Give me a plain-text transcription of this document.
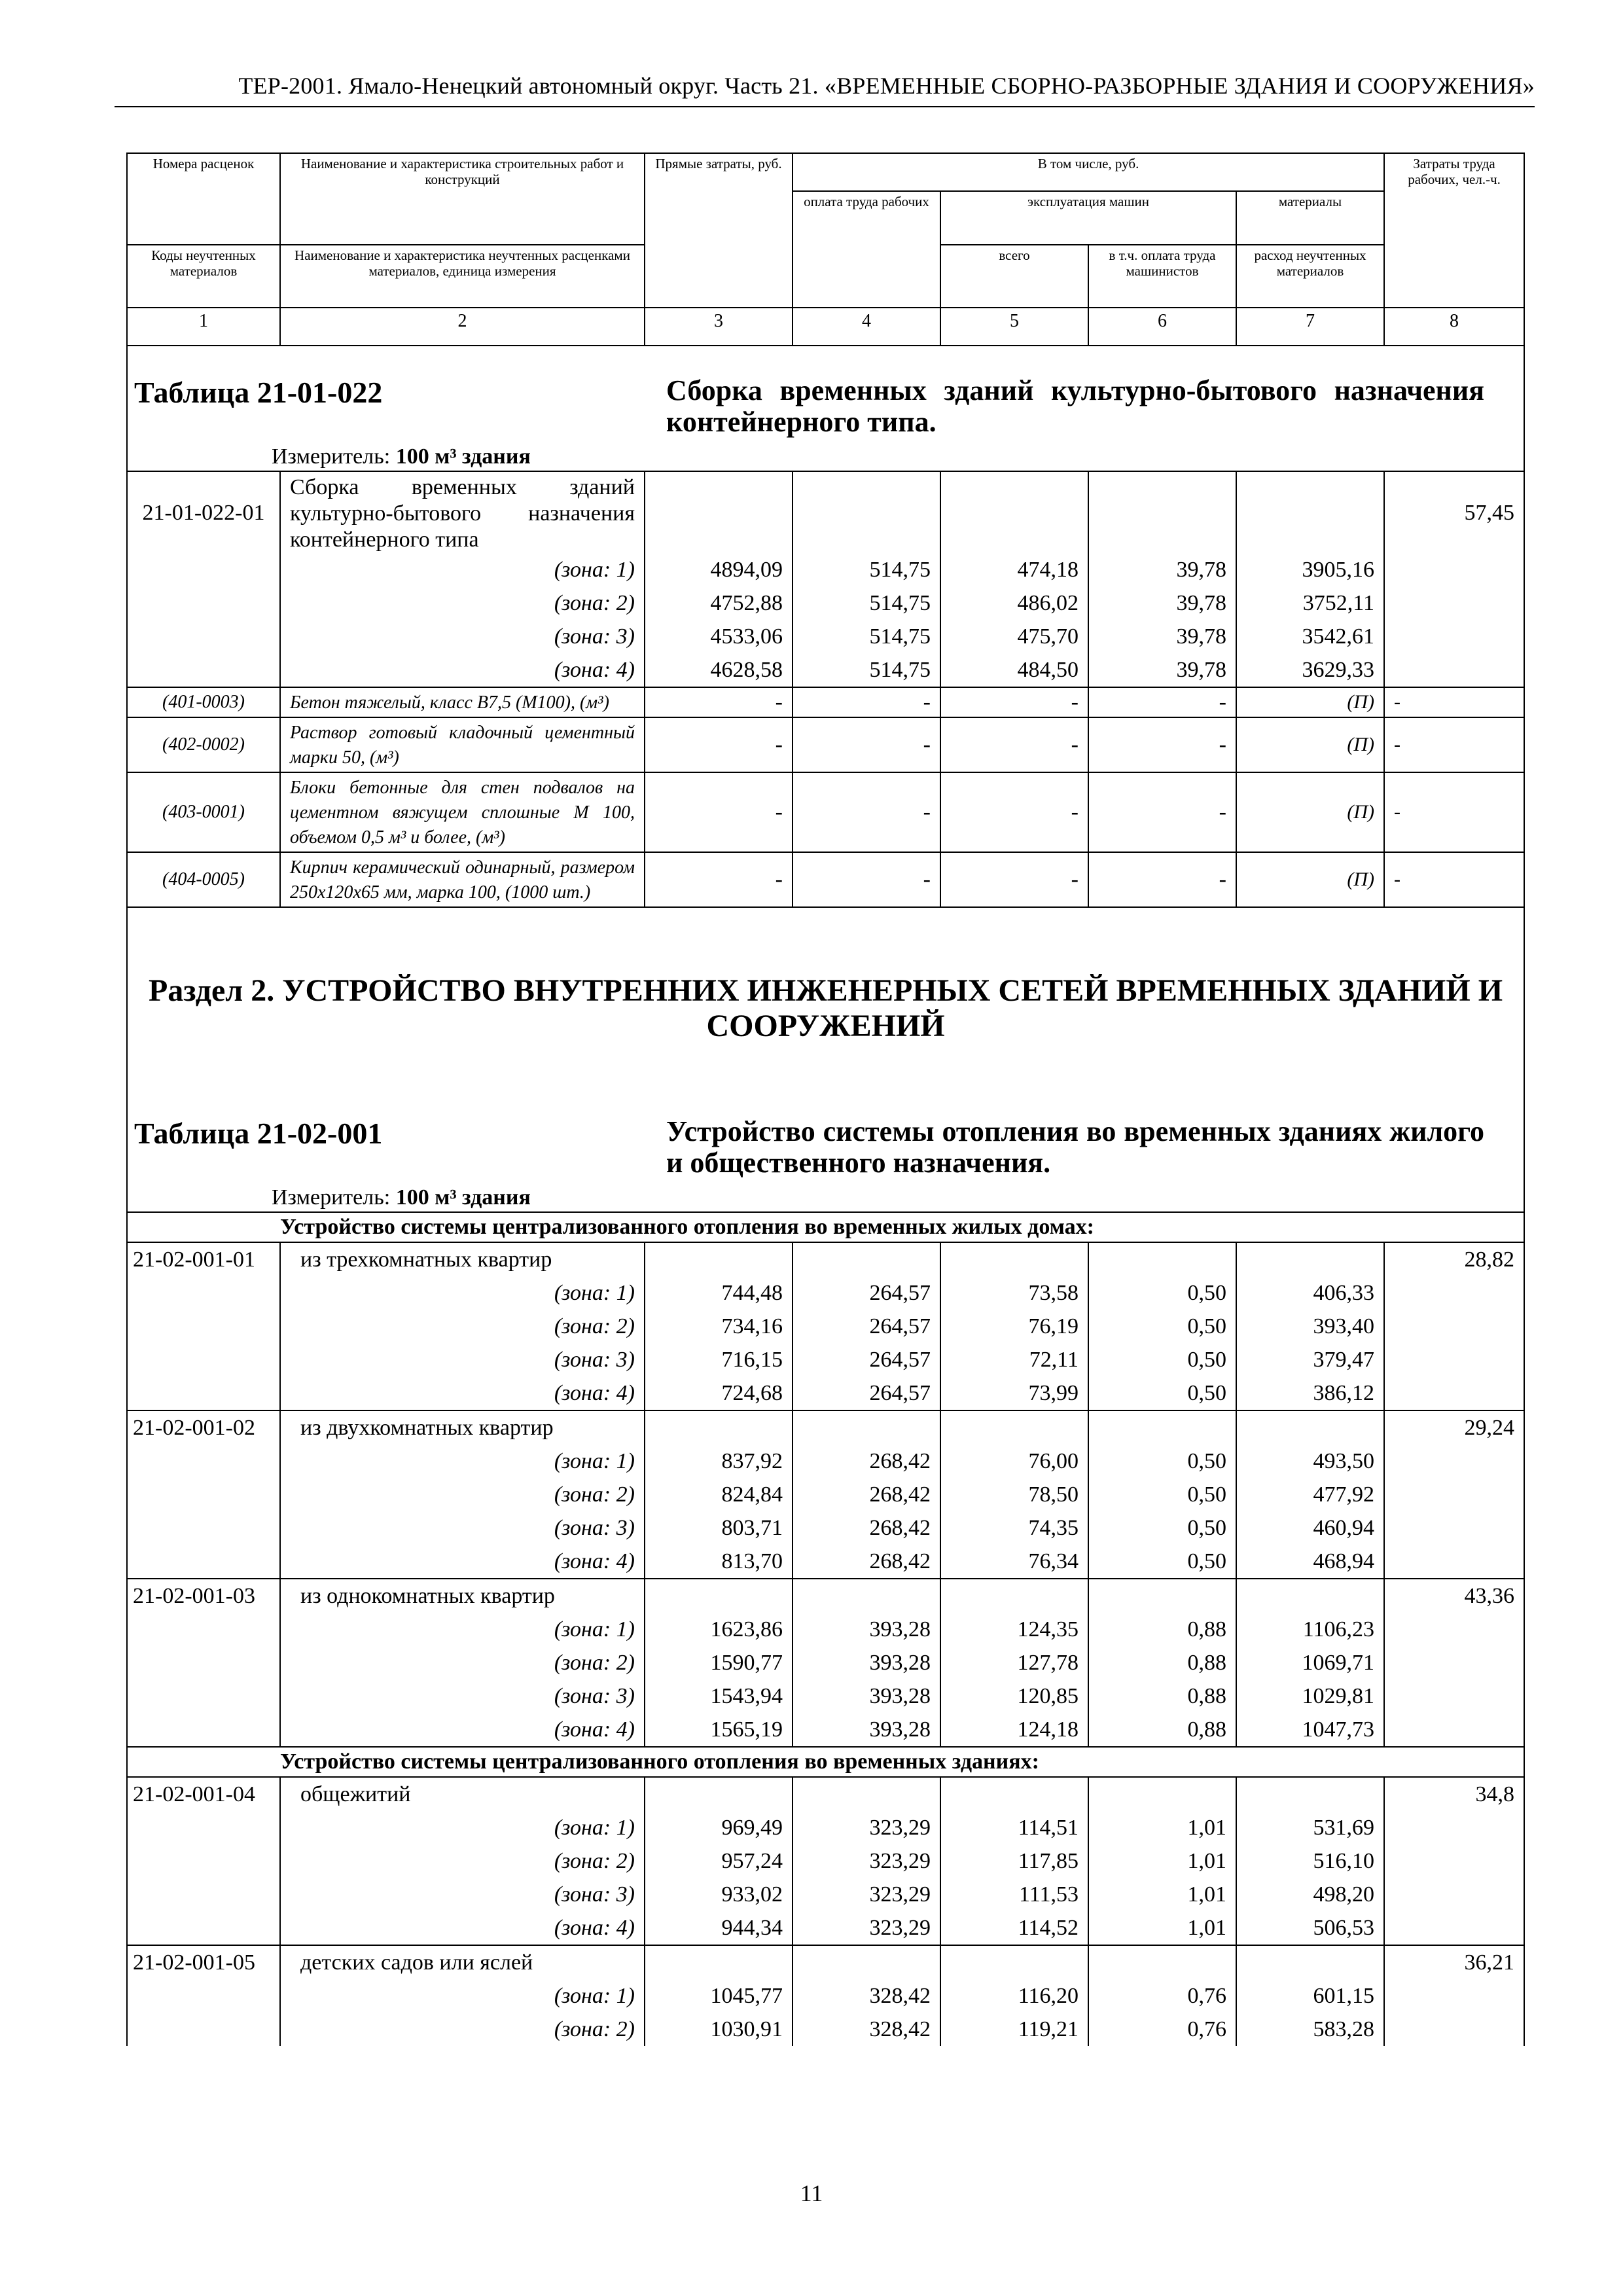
ТЕР-2001. Ямало-Ненецкий автономный округ. Часть 21. «ВРЕМЕННЫЕ СБОРНО-РАЗБОРНЫЕ ЗДАНИЯ И СООРУЖЕНИЯ»
Номера расценок	Наименование и характеристика строительных работ и конструкций	Прямые затраты, руб.	В том числе, руб.				Затраты труда рабочих, чел.-ч.
			оплата труда рабочих	эксплуатация машин		материалы	
Коды неучтенных материалов	Наименование и характеристика неучтенных расценками материалов, единица измерения			всего	в т.ч. оплата труда машинистов	расход неучтенных материалов	
1	2	3	4	5	6	7	8

Таблица 21-01-022 Сборка временных зданий культурно-бытового назначения контейнерного типа.
Измеритель: 100 м³ здания							

21-01-022-01	Сборка временных зданий культурно-бытового назначения контейнерного типа						57,45
	(зона: 1)	4894,09	514,75	474,18	39,78	3905,16	
	(зона: 2)	4752,88	514,75	486,02	39,78	3752,11	
	(зона: 3)	4533,06	514,75	475,70	39,78	3542,61	
	(зона: 4)	4628,58	514,75	484,50	39,78	3629,33	
(401-0003)	Бетон тяжелый, класс В7,5 (М100), (м³)	-	-	-	-	(П)	-
(402-0002)	Раствор готовый кладочный цементный марки 50, (м³)	-	-	-	-	(П)	-
(403-0001)	Блоки бетонные для стен подвалов на цементном вяжущем сплошные М 100, объемом 0,5 м³ и более, (м³)	-	-	-	-	(П)	-
(404-0005)	Кирпич керамический одинарный, размером 250х120х65 мм, марка 100, (1000 шт.)	-	-	-	-	(П)	-

Раздел 2. УСТРОЙСТВО ВНУТРЕННИХ ИНЖЕНЕРНЫХ СЕТЕЙ ВРЕМЕННЫХ ЗДАНИЙ И СООРУЖЕНИЙ
Таблица 21-02-001 Устройство системы отопления во временных зданиях жилого и общественного назначения.
Измеритель: 100 м³ здания							

	Устройство системы централизованного отопления во временных жилых домах:						
21-02-001-01	из трехкомнатных квартир						28,82
	(зона: 1)	744,48	264,57	73,58	0,50	406,33	
	(зона: 2)	734,16	264,57	76,19	0,50	393,40	
	(зона: 3)	716,15	264,57	72,11	0,50	379,47	
	(зона: 4)	724,68	264,57	73,99	0,50	386,12	
21-02-001-02	из двухкомнатных квартир						29,24
	(зона: 1)	837,92	268,42	76,00	0,50	493,50	
	(зона: 2)	824,84	268,42	78,50	0,50	477,92	
	(зона: 3)	803,71	268,42	74,35	0,50	460,94	
	(зона: 4)	813,70	268,42	76,34	0,50	468,94	
21-02-001-03	из однокомнатных квартир						43,36
	(зона: 1)	1623,86	393,28	124,35	0,88	1106,23	
	(зона: 2)	1590,77	393,28	127,78	0,88	1069,71	
	(зона: 3)	1543,94	393,28	120,85	0,88	1029,81	
	(зона: 4)	1565,19	393,28	124,18	0,88	1047,73	
	Устройство системы централизованного отопления во временных зданиях:						
21-02-001-04	общежитий						34,8
	(зона: 1)	969,49	323,29	114,51	1,01	531,69	
	(зона: 2)	957,24	323,29	117,85	1,01	516,10	
	(зона: 3)	933,02	323,29	111,53	1,01	498,20	
	(зона: 4)	944,34	323,29	114,52	1,01	506,53	
21-02-001-05	детских садов или яслей						36,21
	(зона: 1)	1045,77	328,42	116,20	0,76	601,15	
	(зона: 2)	1030,91	328,42	119,21	0,76	583,28	
11
